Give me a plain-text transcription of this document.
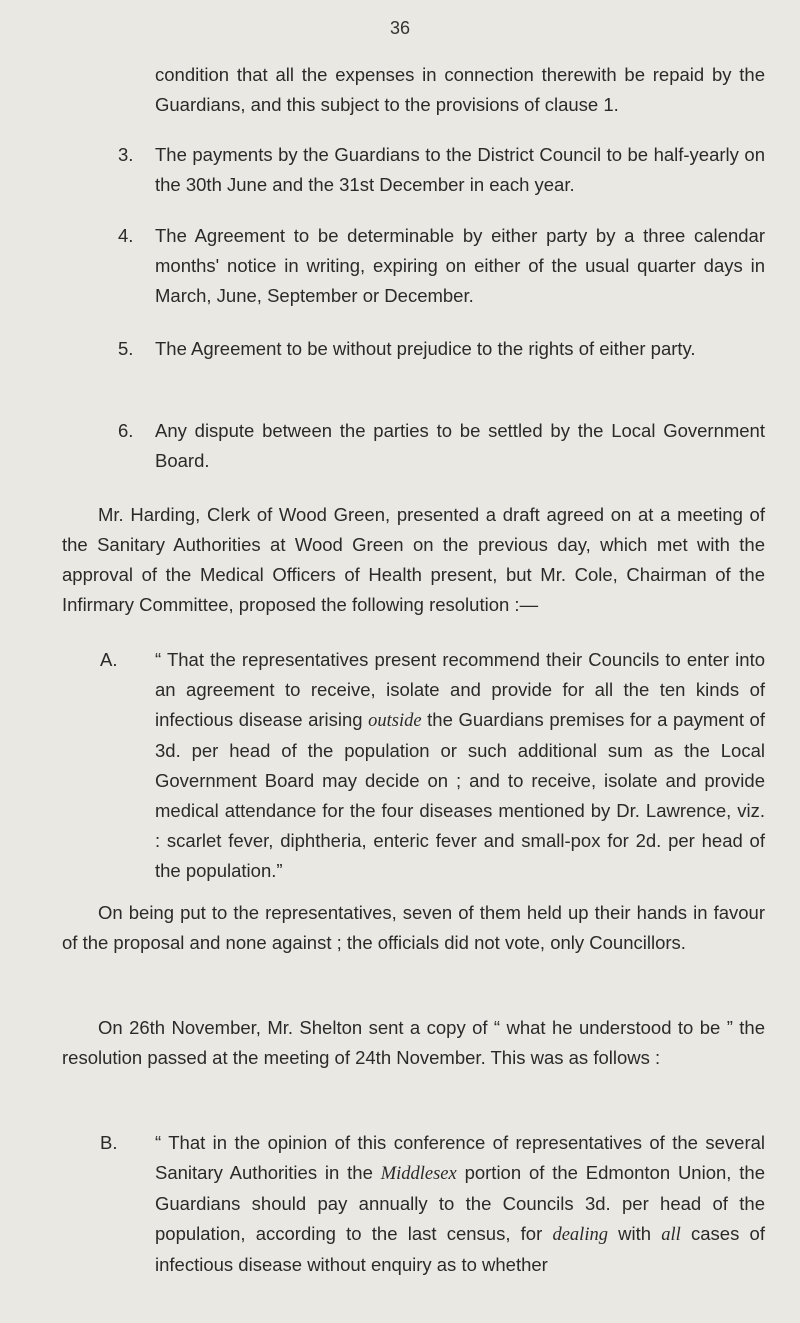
36

condition that all the expenses in connection therewith be repaid by the Guardians, and this subject to the provisions of clause 1.

3.	The payments by the Guardians to the District Council to be half-yearly on the 30th June and the 31st December in each year.

4.	The Agreement to be determinable by either party by a three calendar months' notice in writing, expiring on either of the usual quarter days in March, June, September or December.

5.	The Agreement to be without prejudice to the rights of either party.

6.	Any dispute between the parties to be settled by the Local Government Board.

Mr. Harding, Clerk of Wood Green, presented a draft agreed on at a meeting of the Sanitary Authorities at Wood Green on the previous day, which met with the approval of the Medical Officers of Health present, but Mr. Cole, Chairman of the Infirmary Committee, proposed the following resolution :—

A.	“ That the representatives present recommend their Councils to enter into an agreement to receive, isolate and provide for all the ten kinds of infectious disease arising outside the Guardians premises for a payment of 3d. per head of the population or such additional sum as the Local Government Board may decide on ; and to receive, isolate and provide medical attendance for the four diseases mentioned by Dr. Lawrence, viz. : scarlet fever, diphtheria, enteric fever and small-pox for 2d. per head of the population.”

On being put to the representatives, seven of them held up their hands in favour of the proposal and none against ; the officials did not vote, only Councillors.

On 26th November, Mr. Shelton sent a copy of “ what he understood to be ” the resolution passed at the meeting of 24th November. This was as follows :

B.	“ That in the opinion of this conference of representatives of the several Sanitary Authorities in the Middlesex portion of the Edmonton Union, the Guardians should pay annually to the Councils 3d. per head of the population, according to the last census, for dealing with all cases of infectious disease without enquiry as to whether
